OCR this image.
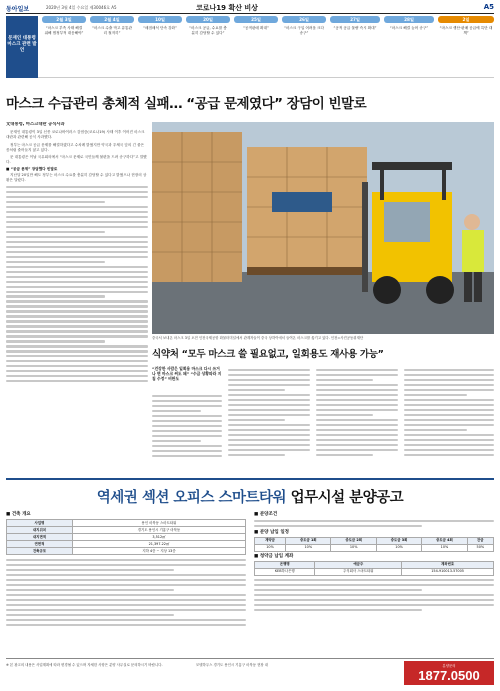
동아일보	2020년 3월 4일 수요일 제30046호 A5	코로나19 확산 비상	A5
문재인 대통령 마스크 관련 발언
2월 3일
“마스크 부족 사태 해결 위해 범정부적 대응해야”
2월 4일
“마스크 수출 막고 유통관리 철저히”
10일
“매점매석 단속 강화”
20일
“마스크 공급, 수요를 충분히 감당할 수 있다”
25일
“공적판매 확대”
26일
“마스크 구입 어려움 크다 송구”
27일
“공적 공급 물량 즉시 확대”
28일
“마스크 해결 늦어 송구”
2일
“마스크 생산·판매 공급에 특단 대책”
마스크 수급관리 총체적 실패… “공급 문제였다” 장담이 빈말로
文대통령, 마스크대란 공식사과

문재인 대통령이 3일 신종 코로나바이러스 감염증(코로나19) 사태 이후 이어진 마스크 대란과 관련해 공식 사과했다.

정부는 마스크 공급 문제를 해결하겠다고 수차례 밝혔지만 약국과 우체국 앞의 긴 줄은 좀처럼 줄어들지 않고 있다.

문 대통령은 이날 국무회의에서 “마스크 문제로 국민들께 불편을 드려 송구하다”고 말했다.

■ “공급 문제” 장담했다 빈말로

지난달 20일만 해도 정부는 마스크 수요를 충분히 감당할 수 있다고 밝혔으나 현장의 상황은 달랐다.

중국서 보내온 마스크 3일 오전 인천국제공항 화물터미널에서 관계자들이 중국 상하이에서 들여온 마스크를 옮기고 있다. 인천=사진공동취재단
식약처 “모두 마스크 쓸 필요없고, 일회용도 재사용 가능”
“건강한 사람은 일회용 마스크 다시 쓰거나 면 마스크 써도 돼” “수급 상황따라 지침 수정” 비판도
역세권 섹션 오피스 스마트타워 업무시설 분양공고
■ 건축 개요
사업명	용인 마북동 스마트타워
대지위치	경기도 용인시 기흥구 마북동
대지면적	3,512㎡
연면적	21,397.22㎡
건축규모	지하 4층 ~ 지상 13층
■ 분양조건
■ 분양 납입 일정
계약금	중도금 1회	중도금 2회	중도금 3회	중도금 4회	잔금
10%	10%	10%	10%	10%	50%
■ 청약금 납입 계좌
은행명	예금주	계좌번호
KEB하나은행	주식회사 스마트타워	154-910013-57005
※ 본 광고의 내용은 사업계획에 따라 변경될 수 있으며 자세한 사항은 분양 사무실로 문의하시기 바랍니다.	모델하우스 경기도 용인시 기흥구 마북동 현장 내	분양문의
1877.0500
